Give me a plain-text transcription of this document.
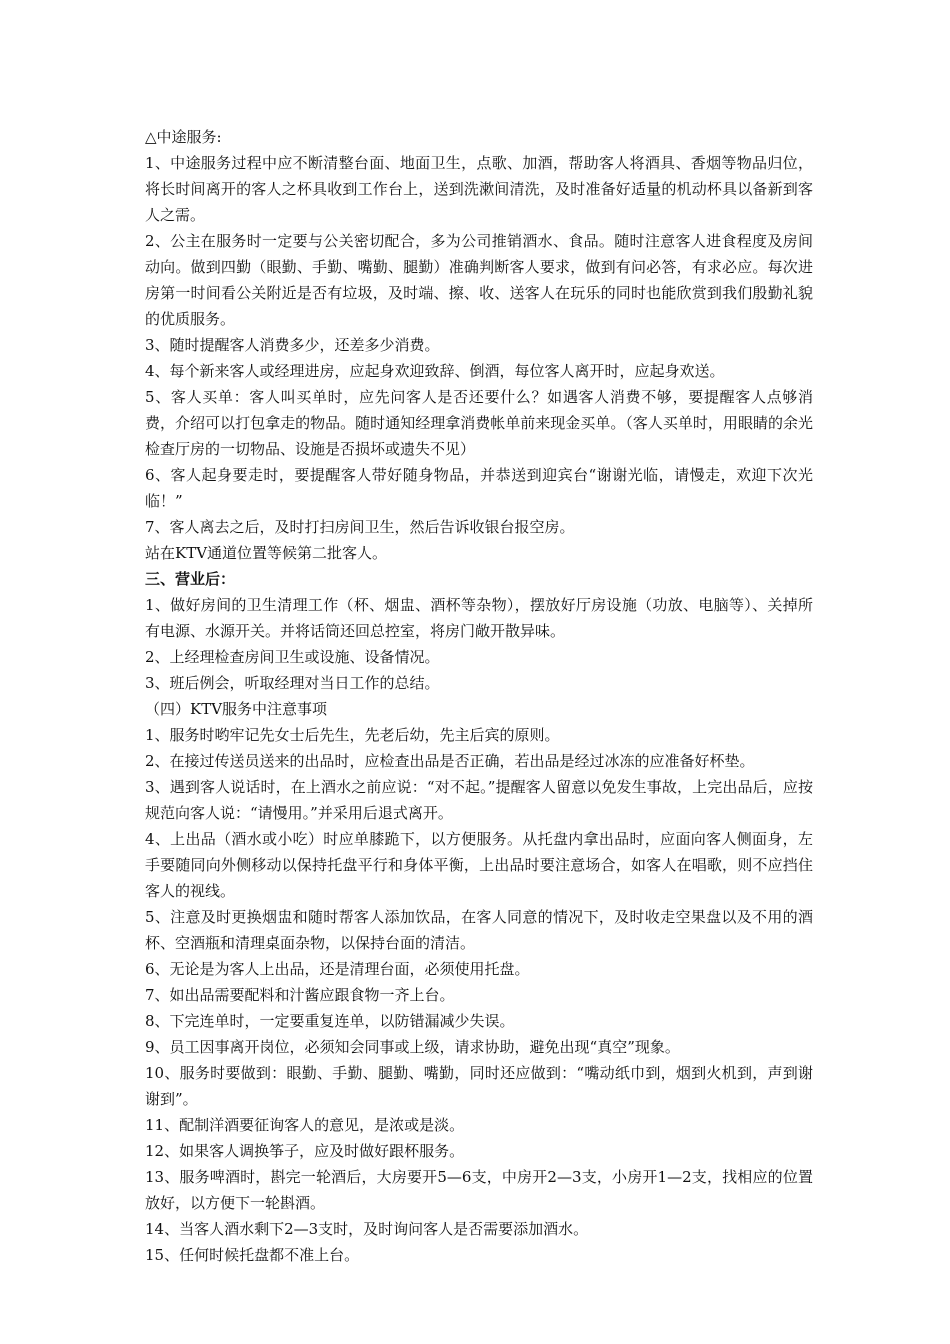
△中途服务:

1、中途服务过程中应不断清整台面、地面卫生，点歌、加酒，帮助客人将酒具、香烟等物品归位，将长时间离开的客人之杯具收到工作台上，送到洗漱间清洗，及时准备好适量的机动杯具以备新到客人之需。

2、公主在服务时一定要与公关密切配合，多为公司推销酒水、食品。随时注意客人进食程度及房间动向。做到四勤（眼勤、手勤、嘴勤、腿勤）准确判断客人要求，做到有问必答，有求必应。每次进房第一时间看公关附近是否有垃圾，及时端、擦、收、送客人在玩乐的同时也能欣赏到我们殷勤礼貌的优质服务。

3、随时提醒客人消费多少，还差多少消费。

4、每个新来客人或经理进房，应起身欢迎致辞、倒酒，每位客人离开时，应起身欢送。

5、客人买单：客人叫买单时，应先问客人是否还要什么？如遇客人消费不够，要提醒客人点够消费，介绍可以打包拿走的物品。随时通知经理拿消费帐单前来现金买单。（客人买单时，用眼睛的余光检查厅房的一切物品、设施是否损坏或遗失不见）

6、客人起身要走时，要提醒客人带好随身物品，并恭送到迎宾台“谢谢光临，请慢走，欢迎下次光临！”

7、客人离去之后，及时打扫房间卫生，然后告诉收银台报空房。

站在KTV通道位置等候第二批客人。

三、营业后：

1、做好房间的卫生清理工作（杯、烟盅、酒杯等杂物），摆放好厅房设施（功放、电脑等）、关掉所有电源、水源开关。并将话筒还回总控室，将房门敞开散异味。

2、上经理检查房间卫生或设施、设备情况。

3、班后例会，听取经理对当日工作的总结。

（四）KTV服务中注意事项

1、服务时哟牢记先女士后先生，先老后幼，先主后宾的原则。

2、在接过传送员送来的出品时，应检查出品是否正确，若出品是经过冰冻的应准备好杯垫。

3、遇到客人说话时，在上酒水之前应说：“对不起。”提醒客人留意以免发生事故，上完出品后，应按规范向客人说：“请慢用。”并采用后退式离开。

4、上出品（酒水或小吃）时应单膝跪下，以方便服务。从托盘内拿出品时，应面向客人侧面身，左手要随同向外侧移动以保持托盘平行和身体平衡，上出品时要注意场合，如客人在唱歌，则不应挡住客人的视线。

5、注意及时更换烟盅和随时帮客人添加饮品，在客人同意的情况下，及时收走空果盘以及不用的酒杯、空酒瓶和清理桌面杂物，以保持台面的清洁。

6、无论是为客人上出品，还是清理台面，必须使用托盘。

7、如出品需要配料和汁酱应跟食物一齐上台。

8、下完连单时，一定要重复连单，以防错漏减少失误。

9、员工因事离开岗位，必须知会同事或上级，请求协助，避免出现“真空”现象。

10、服务时要做到：眼勤、手勤、腿勤、嘴勤，同时还应做到：“嘴动纸巾到，烟到火机到，声到谢谢到”。

11、配制洋酒要征询客人的意见，是浓或是淡。

12、如果客人调换筝子，应及时做好跟杯服务。

13、服务啤酒时，斟完一轮酒后，大房要开5—6支，中房开2—3支，小房开1—2支，找相应的位置放好，以方便下一轮斟酒。

14、当客人酒水剩下2—3支时，及时询问客人是否需要添加酒水。

15、任何时候托盘都不准上台。
